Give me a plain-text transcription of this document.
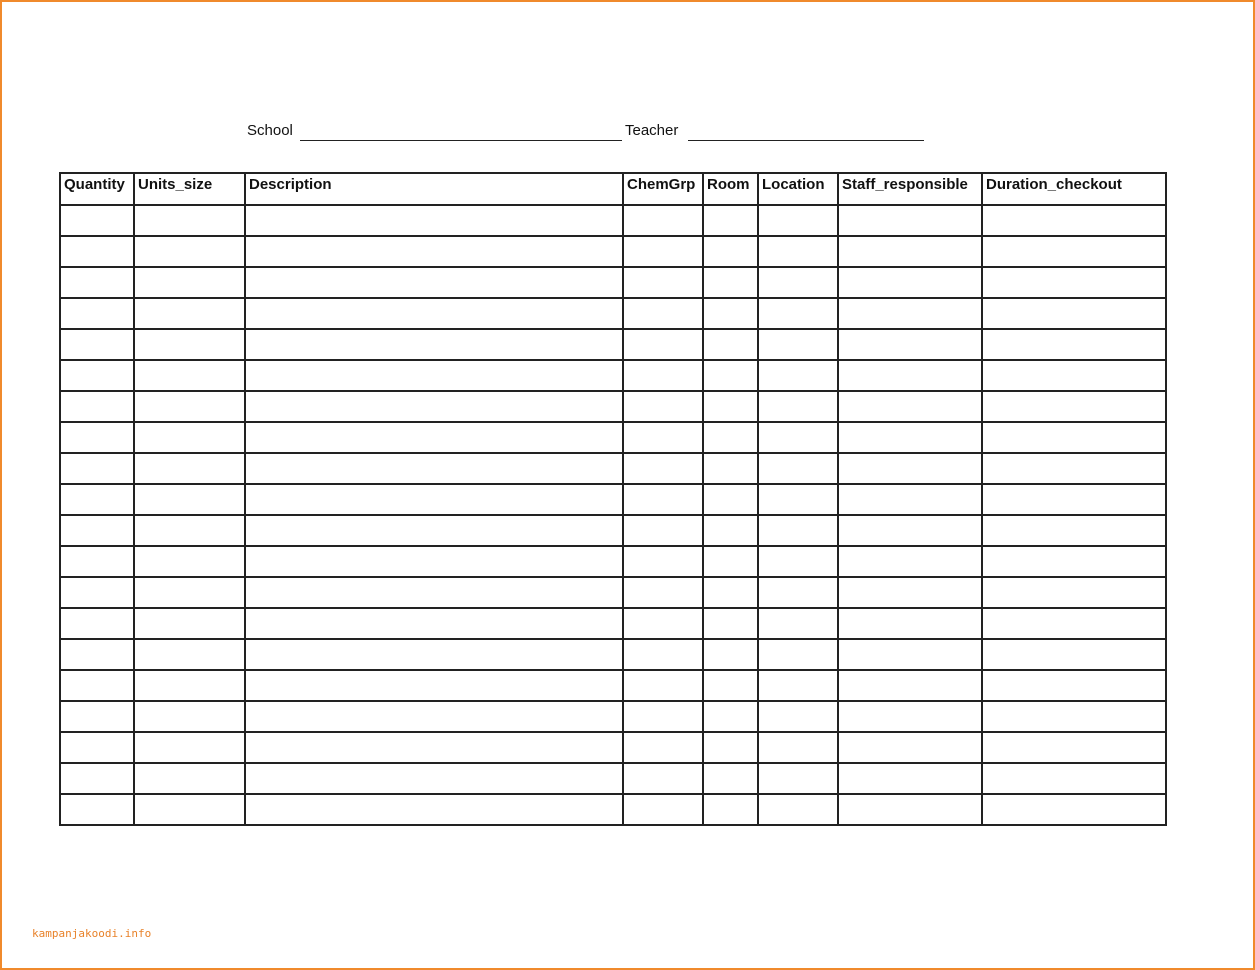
School	Teacher
Quantity	Units_size	Description	ChemGrp	Room	Location	Staff_responsible	Duration_checkout

kampanjakoodi.info
